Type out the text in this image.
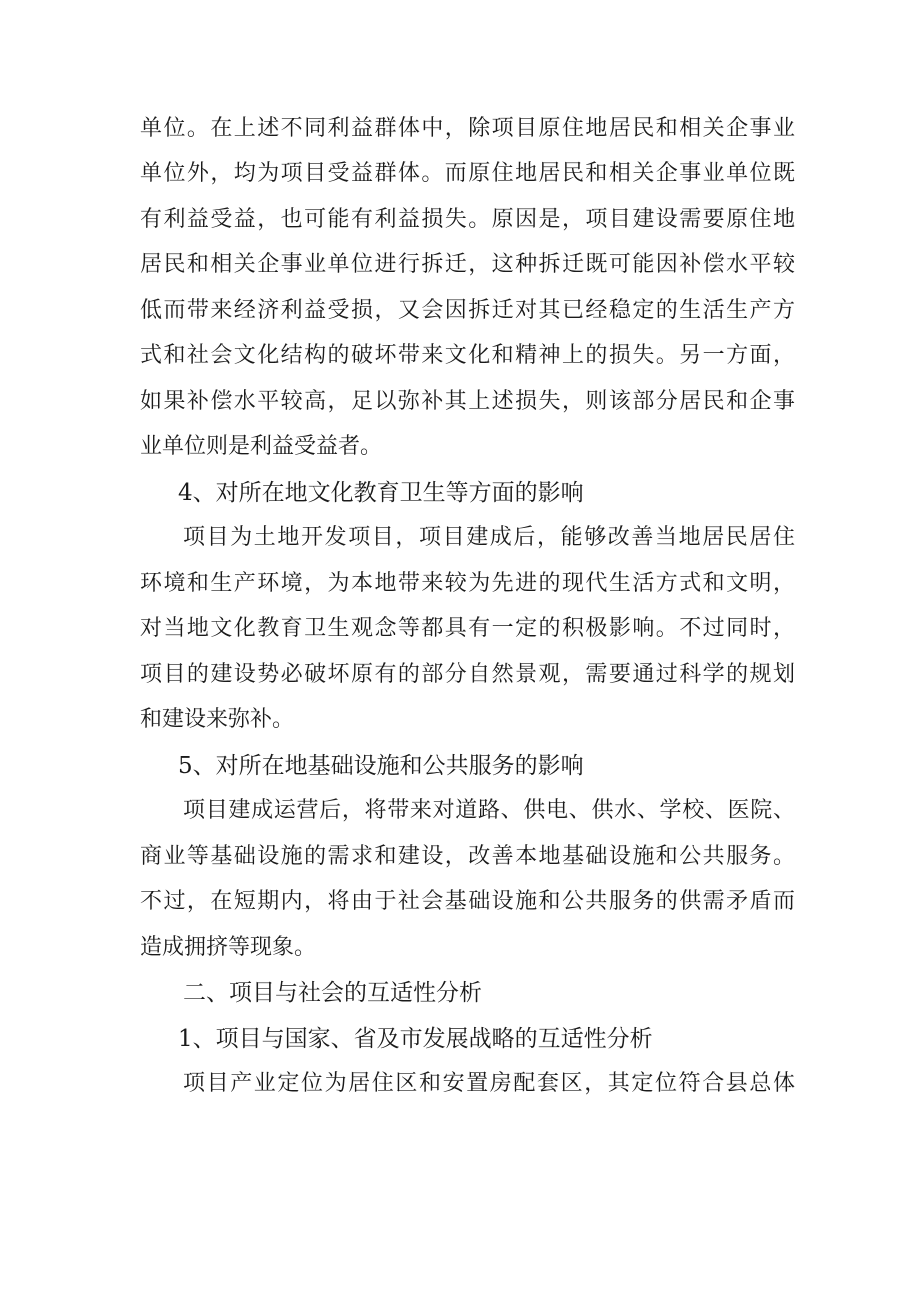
单位。在上述不同利益群体中，除项目原住地居民和相关企事业
单位外，均为项目受益群体。而原住地居民和相关企事业单位既
有利益受益，也可能有利益损失。原因是，项目建设需要原住地
居民和相关企事业单位进行拆迁，这种拆迁既可能因补偿水平较
低而带来经济利益受损，又会因拆迁对其已经稳定的生活生产方
式和社会文化结构的破坏带来文化和精神上的损失。另一方面，
如果补偿水平较高，足以弥补其上述损失，则该部分居民和企事
业单位则是利益受益者。
4、对所在地文化教育卫生等方面的影响
项目为土地开发项目，项目建成后，能够改善当地居民居住
环境和生产环境，为本地带来较为先进的现代生活方式和文明，
对当地文化教育卫生观念等都具有一定的积极影响。不过同时，
项目的建设势必破坏原有的部分自然景观，需要通过科学的规划
和建设来弥补。
5、对所在地基础设施和公共服务的影响
项目建成运营后，将带来对道路、供电、供水、学校、医院、
商业等基础设施的需求和建设，改善本地基础设施和公共服务。
不过，在短期内，将由于社会基础设施和公共服务的供需矛盾而
造成拥挤等现象。
二、项目与社会的互适性分析
1、项目与国家、省及市发展战略的互适性分析
项目产业定位为居住区和安置房配套区，其定位符合县总体
